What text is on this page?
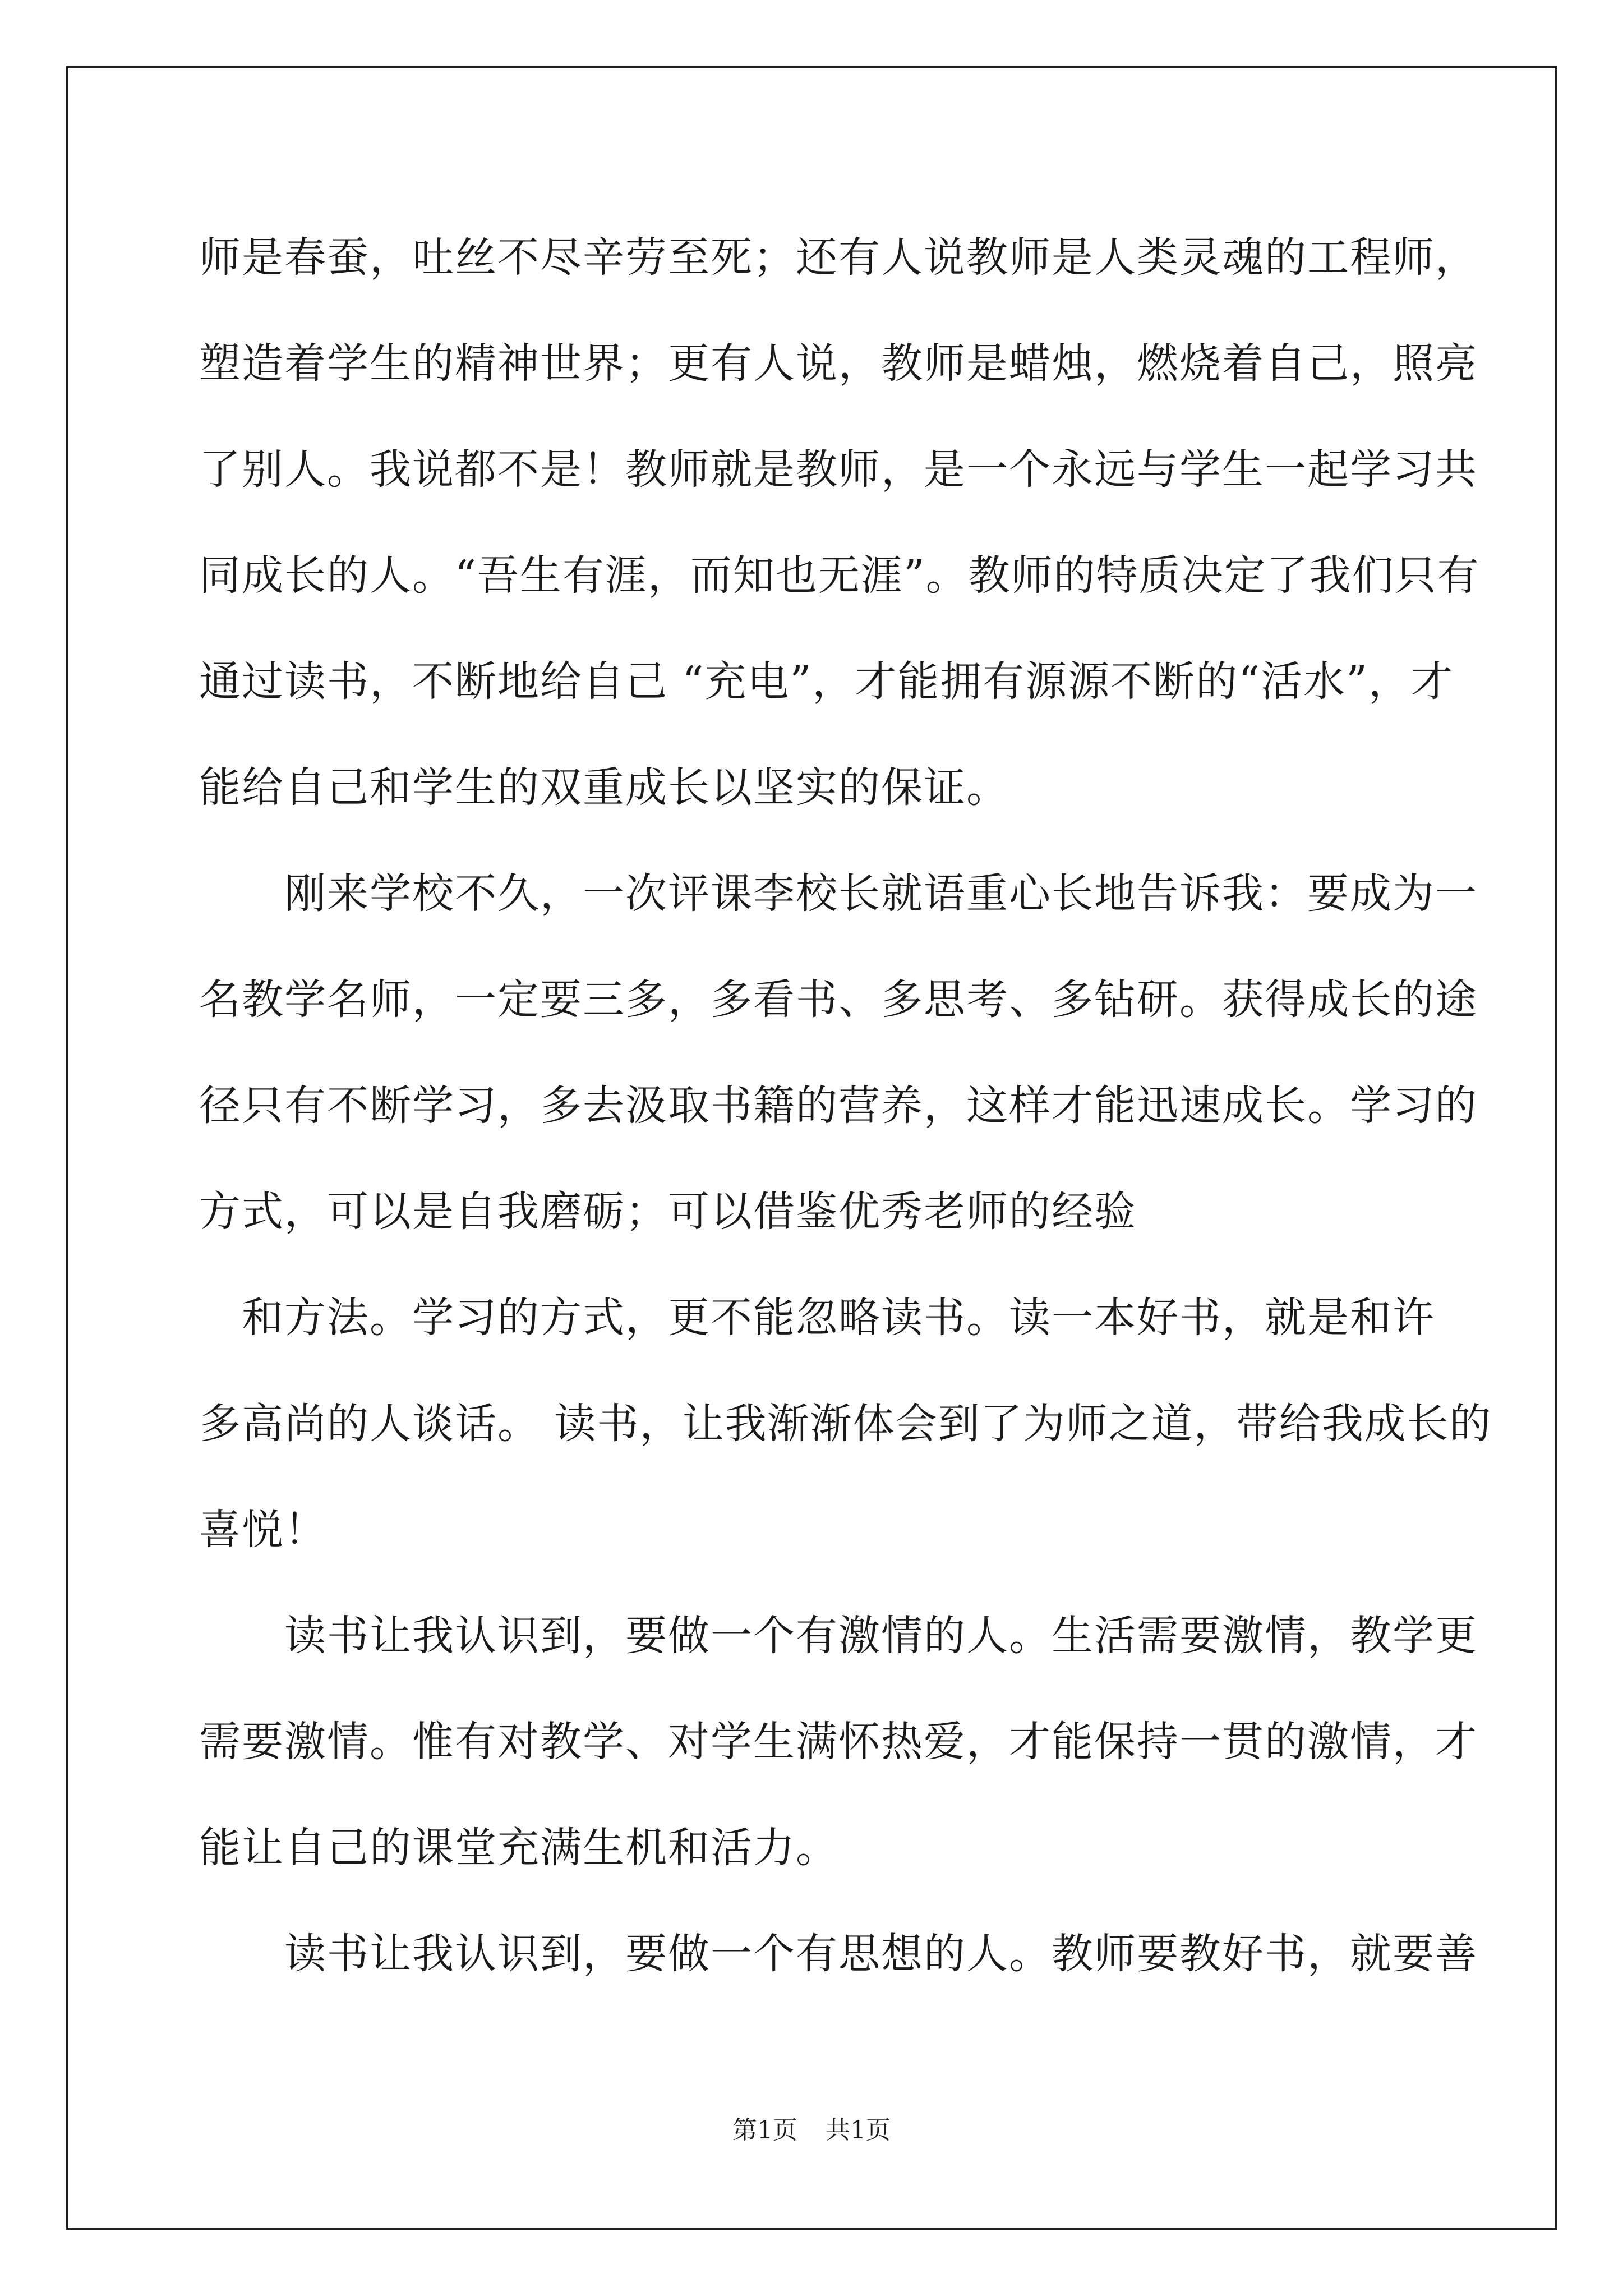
师是春蚕，吐丝不尽辛劳至死；还有人说教师是人类灵魂的工程师，
塑造着学生的精神世界；更有人说，教师是蜡烛，燃烧着自己，照亮
了别人。我说都不是！教师就是教师，是一个永远与学生一起学习共
同成长的人。“吾生有涯，而知也无涯”。教师的特质决定了我们只有
通过读书，不断地给自己 “充电”，才能拥有源源不断的“活水”，才
能给自己和学生的双重成长以坚实的保证。
　　刚来学校不久，一次评课李校长就语重心长地告诉我：要成为一
名教学名师，一定要三多，多看书、多思考、多钻研。获得成长的途
径只有不断学习，多去汲取书籍的营养，这样才能迅速成长。学习的
方式，可以是自我磨砺；可以借鉴优秀老师的经验
　和方法。学习的方式，更不能忽略读书。读一本好书，就是和许
多高尚的人谈话。 读书，让我渐渐体会到了为师之道，带给我成长的
喜悦！
　　读书让我认识到，要做一个有激情的人。生活需要激情，教学更
需要激情。惟有对教学、对学生满怀热爱，才能保持一贯的激情，才
能让自己的课堂充满生机和活力。
　　读书让我认识到，要做一个有思想的人。教师要教好书，就要善
第1页 共1页
